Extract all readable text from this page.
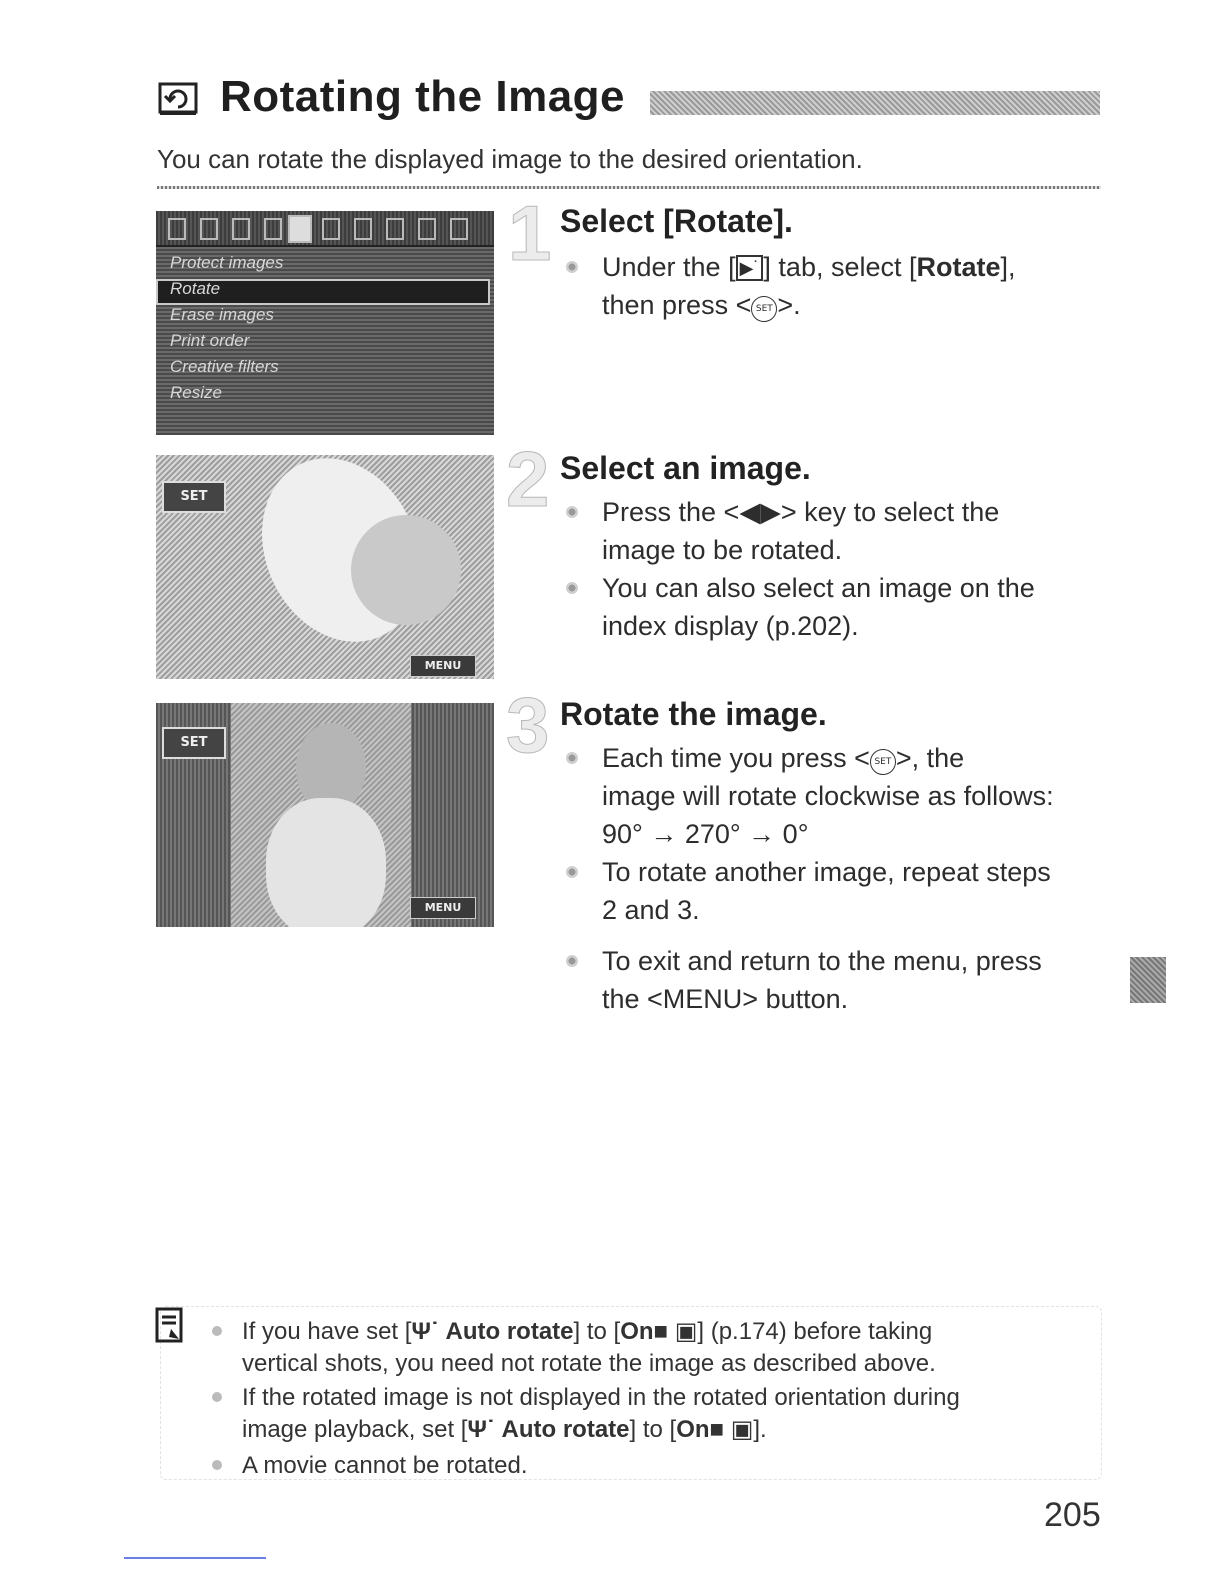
Rotating the Image
You can rotate the displayed image to the desired orientation.
Protect images
Rotate
Erase images
Print order
Creative filters
Resize
SET
MENU
SET
MENU
1 Select [Rotate].
Under the [ ▶˙ ] tab, select [Rotate],
then press < SET >.
2 Select an image.
Press the <◀▶> key to select the
image to be rotated.
You can also select an image on the
index display (p.202).
3 Rotate the image.
Each time you press < SET >, the
image will rotate clockwise as follows:
90° → 270° → 0°
To rotate another image, repeat steps
2 and 3.
To exit and return to the menu, press
the <MENU> button.
If you have set [Ψ˙ Auto rotate] to [On■ ▣] (p.174) before taking
vertical shots, you need not rotate the image as described above.
If the rotated image is not displayed in the rotated orientation during
image playback, set [Ψ˙ Auto rotate] to [On■ ▣].
A movie cannot be rotated.
205
